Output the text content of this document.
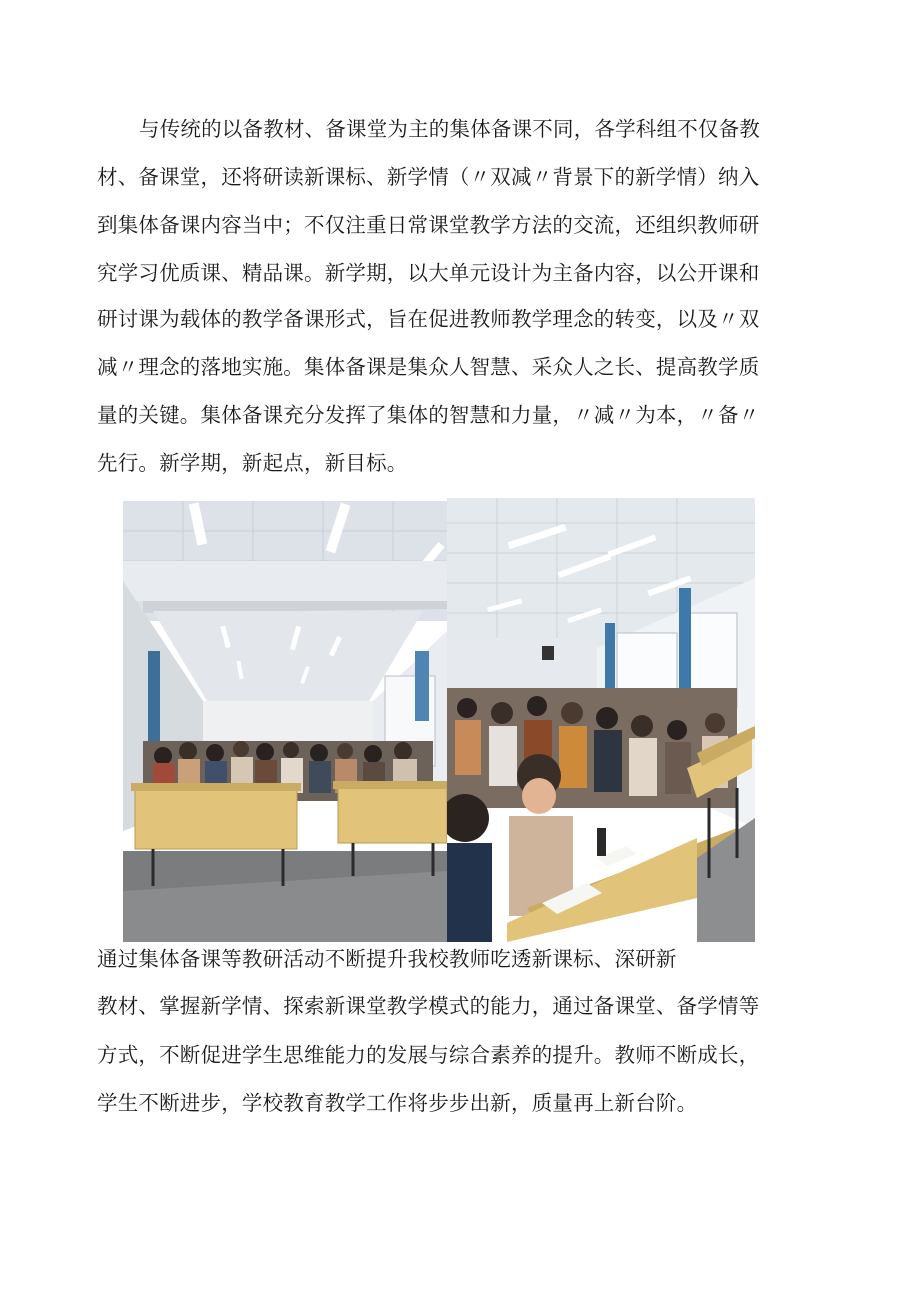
与传统的以备教材、备课堂为主的集体备课不同，各学科组不仅备教
材、备课堂，还将研读新课标、新学情（〃双减〃背景下的新学情）纳入
到集体备课内容当中；不仅注重日常课堂教学方法的交流，还组织教师研
究学习优质课、精品课。新学期，以大单元设计为主备内容，以公开课和
研讨课为载体的教学备课形式，旨在促进教师教学理念的转变，以及〃双
减〃理念的落地实施。集体备课是集众人智慧、采众人之长、提高教学质
量的关键。集体备课充分发挥了集体的智慧和力量，〃减〃为本，〃备〃
先行。新学期，新起点，新目标。
通过集体备课等教研活动不断提升我校教师吃透新课标、深研新
教材、掌握新学情、探索新课堂教学模式的能力，通过备课堂、备学情等
方式，不断促进学生思维能力的发展与综合素养的提升。教师不断成长，
学生不断进步，学校教育教学工作将步步出新，质量再上新台阶。
